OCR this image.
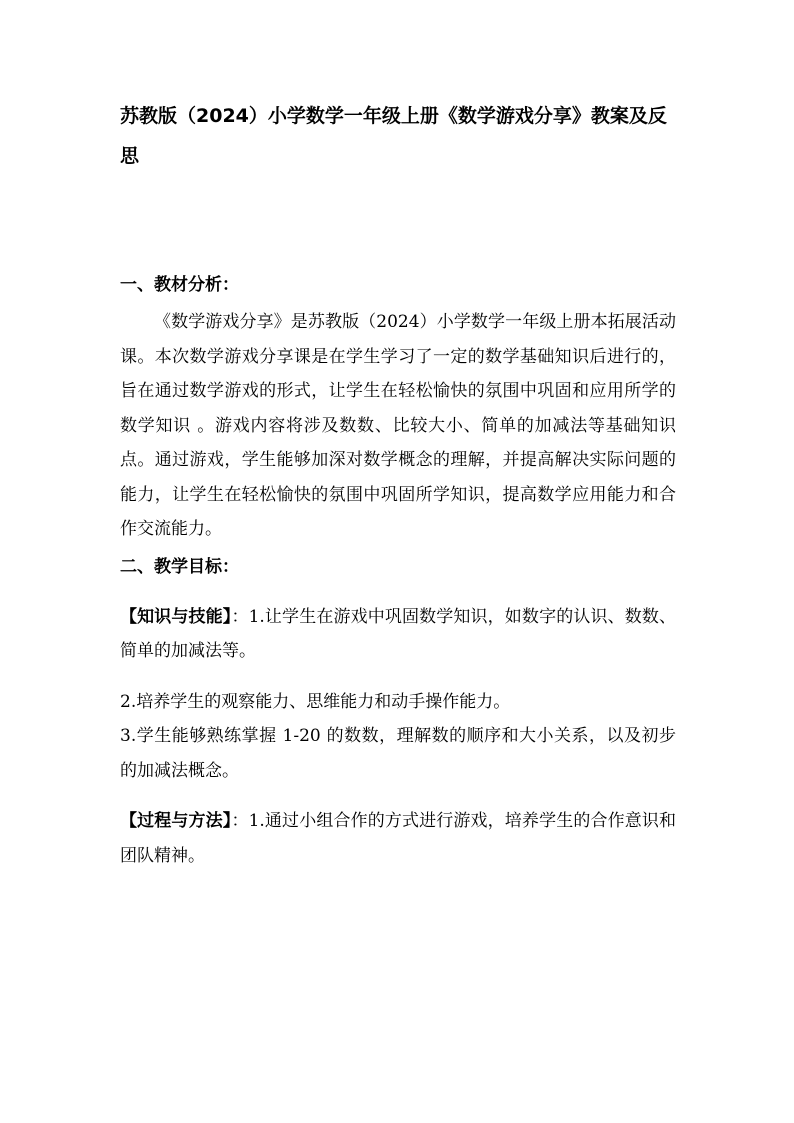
苏教版（2024）小学数学一年级上册《数学游戏分享》教案及反思
一、教材分析：

《数学游戏分享》是苏教版（2024）小学数学一年级上册本拓展活动课。本次数学游戏分享课是在学生学习了一定的数学基础知识后进行的，旨在通过数学游戏的形式，让学生在轻松愉快的氛围中巩固和应用所学的数学知识 。游戏内容将涉及数数、比较大小、简单的加减法等基础知识点。通过游戏，学生能够加深对数学概念的理解，并提高解决实际问题的能力，让学生在轻松愉快的氛围中巩固所学知识，提高数学应用能力和合作交流能力。

二、教学目标：

【知识与技能】：1.让学生在游戏中巩固数学知识，如数字的认识、数数、简单的加减法等。

2.培养学生的观察能力、思维能力和动手操作能力。

3.学生能够熟练掌握 1-20 的数数，理解数的顺序和大小关系，以及初步的加减法概念。

【过程与方法】：1.通过小组合作的方式进行游戏，培养学生的合作意识和团队精神。
